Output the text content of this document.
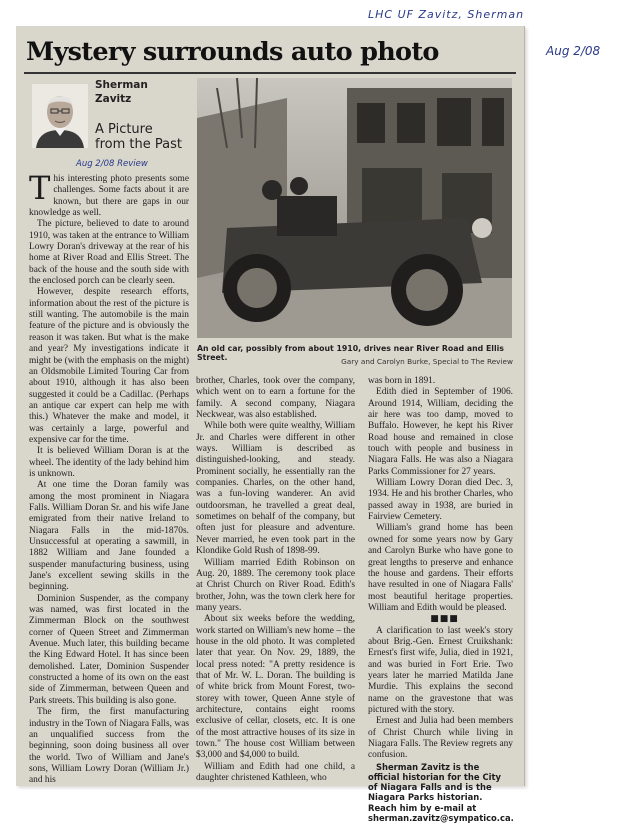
LHC UF Zavitz, Sherman
Aug 2/08
Mystery surrounds auto photo
Sherman
Zavitz
A Picture
from the Past
Aug 2/08 Review
An old car, possibly from about 1910, drives near River Road and Ellis Street.	Gary and Carolyn Burke, Special to The Review

This interesting photo presents some challenges. Some facts about it are known, but there are gaps in our knowledge as well.

The picture, believed to date to around 1910, was taken at the entrance to William Lowry Doran's driveway at the rear of his home at River Road and Ellis Street. The back of the house and the south side with the enclosed porch can be clearly seen.

However, despite research efforts, information about the rest of the picture is still wanting. The automobile is the main feature of the picture and is obviously the reason it was taken. But what is the make and year? My investigations indicate it might be (with the emphasis on the might) an Oldsmobile Limited Touring Car from about 1910, although it has also been suggested it could be a Cadillac. (Perhaps an antique car expert can help me with this.) Whatever the make and model, it was certainly a large, powerful and expensive car for the time.

It is believed William Doran is at the wheel. The identity of the lady behind him is unknown.

At one time the Doran family was among the most prominent in Niagara Falls. William Doran Sr. and his wife Jane emigrated from their native Ireland to Niagara Falls in the mid-1870s. Unsuccessful at operating a sawmill, in 1882 William and Jane founded a suspender manufacturing business, using Jane's excellent sewing skills in the beginning.

Dominion Suspender, as the company was named, was first located in the Zimmerman Block on the southwest corner of Queen Street and Zimmerman Avenue. Much later, this building became the King Edward Hotel. It has since been demolished. Later, Dominion Suspender constructed a home of its own on the east side of Zimmerman, between Queen and Park streets. This building is also gone.

The firm, the first manufacturing industry in the Town of Niagara Falls, was an unqualified success from the beginning, soon doing business all over the world. Two of William and Jane's sons, William Lowry Doran (William Jr.) and his

brother, Charles, took over the company, which went on to earn a fortune for the family. A second company, Niagara Neckwear, was also established.

While both were quite wealthy, William Jr. and Charles were different in other ways. William is described as distinguished-looking, and steady. Prominent socially, he essentially ran the companies. Charles, on the other hand, was a fun-loving wanderer. An avid outdoorsman, he travelled a great deal, sometimes on behalf of the company, but often just for pleasure and adventure. Never married, he even took part in the Klondike Gold Rush of 1898-99.

William married Edith Robinson on Aug. 20, 1889. The ceremony took place at Christ Church on River Road. Edith's brother, John, was the town clerk here for many years.

About six weeks before the wedding, work started on William's new home – the house in the old photo. It was completed later that year. On Nov. 29, 1889, the local press noted: "A pretty residence is that of Mr. W. L. Doran. The building is of white brick from Mount Forest, two-storey with tower, Queen Anne style of architecture, contains eight rooms exclusive of cellar, closets, etc. It is one of the most attractive houses of its size in town." The house cost William between $3,000 and $4,000 to build.

William and Edith had one child, a daughter christened Kathleen, who

was born in 1891.

Edith died in September of 1906. Around 1914, William, deciding the air here was too damp, moved to Buffalo. However, he kept his River Road house and remained in close touch with people and business in Niagara Falls. He was also a Niagara Parks Commissioner for 27 years.

William Lowry Doran died Dec. 3, 1934. He and his brother Charles, who passed away in 1938, are buried in Fairview Cemetery.

William's grand home has been owned for some years now by Gary and Carolyn Burke who have gone to great lengths to preserve and enhance the house and gardens. Their efforts have resulted in one of Niagara Falls' most beautiful heritage properties. William and Edith would be pleased.

■■■

A clarification to last week's story about Brig.-Gen. Ernest Cruikshank: Ernest's first wife, Julia, died in 1921, and was buried in Fort Erie. Two years later he married Matilda Jane Murdie. This explains the second name on the gravestone that was pictured with the story.

Ernest and Julia had been members of Christ Church while living in Niagara Falls. The Review regrets any confusion.

Sherman Zavitz is the official historian for the City of Niagara Falls and is the Niagara Parks historian. Reach him by e-mail at sherman.zavitz@sympatico.ca.
